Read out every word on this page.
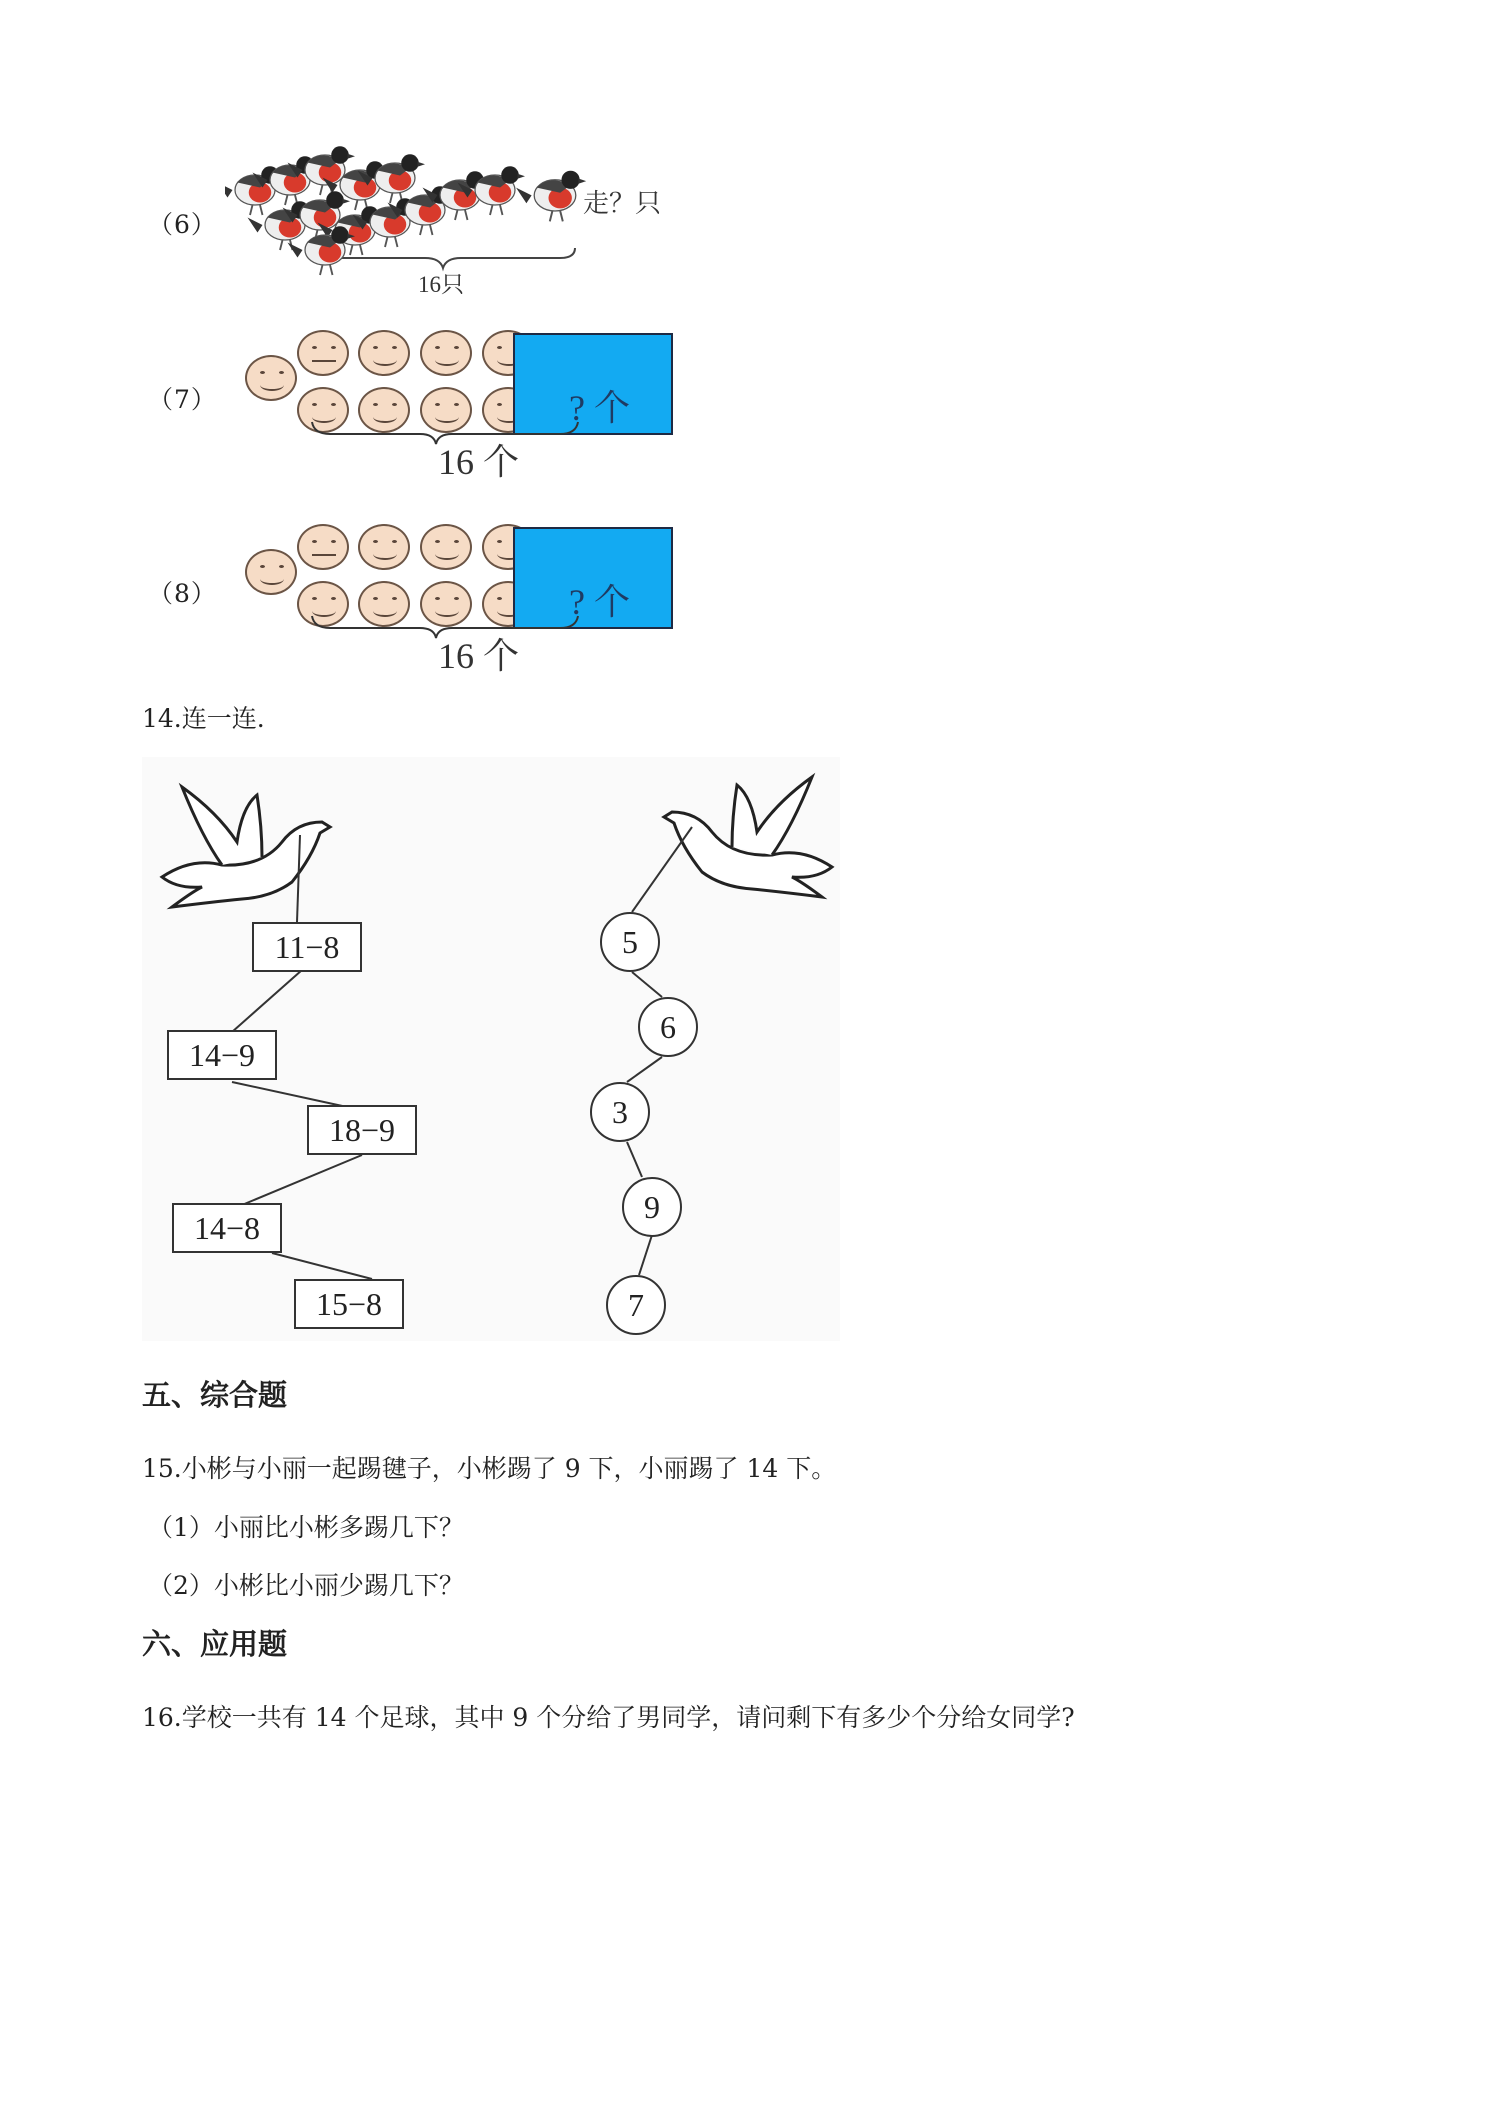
（6）
16只
走？只
（7）	? 个
16 个
（8）	? 个
16 个
14.连一连.
11−8
14−9
18−9
14−8
15−8
5
6
3
9
7
五、综合题
15.小彬与小丽一起踢毽子，小彬踢了 9 下，小丽踢了 14 下。
（1）小丽比小彬多踢几下？
（2）小彬比小丽少踢几下？
六、应用题
16.学校一共有 14 个足球，其中 9 个分给了男同学，请问剩下有多少个分给女同学?
